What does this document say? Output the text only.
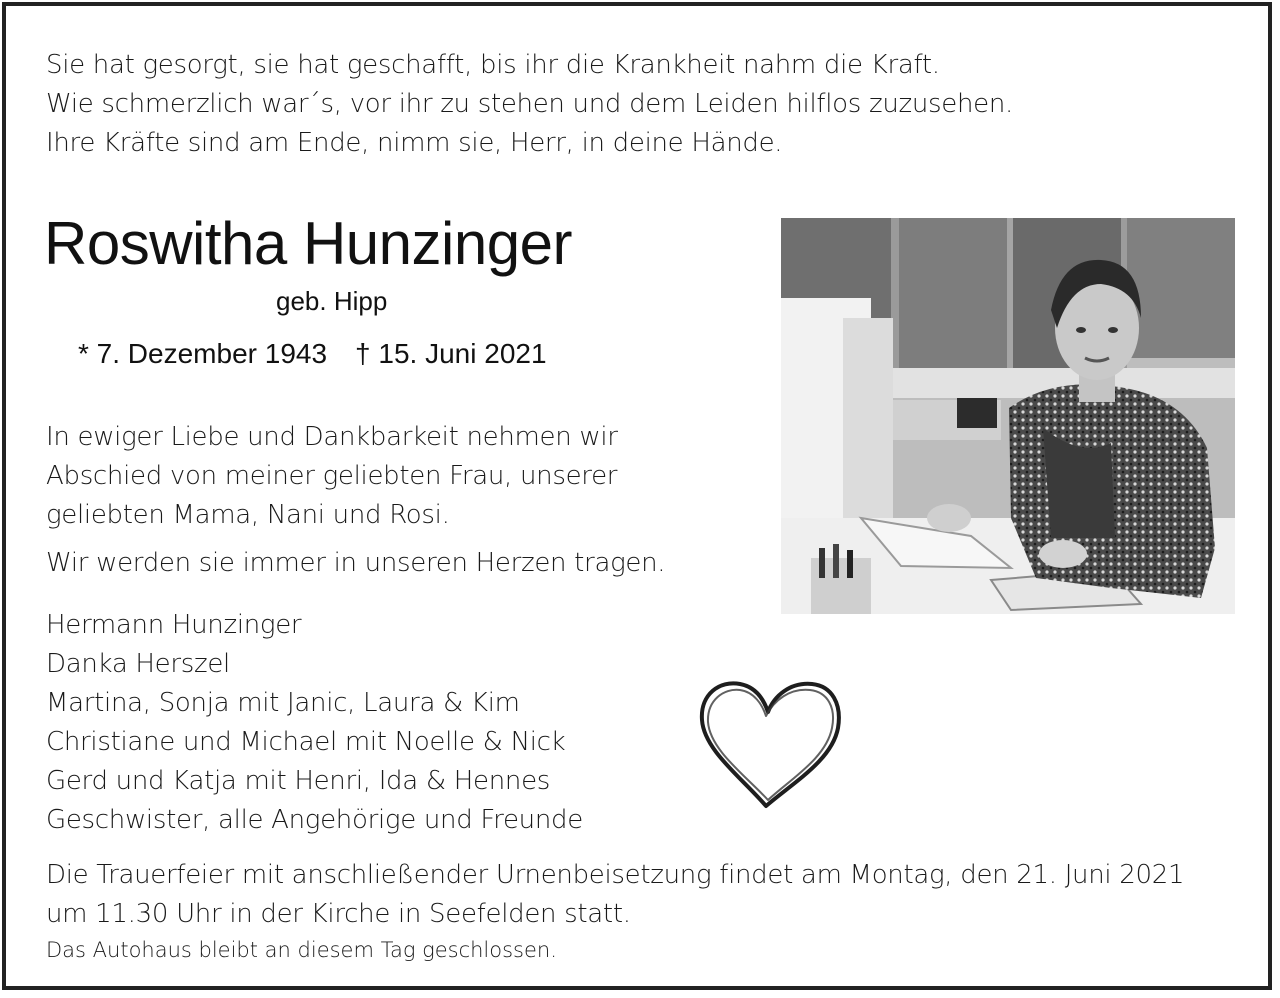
Sie hat gesorgt, sie hat geschafft, bis ihr die Krankheit nahm die Kraft.
Wie schmerzlich war´s, vor ihr zu stehen und dem Leiden hilflos zuzusehen.
Ihre Kräfte sind am Ende, nimm sie, Herr, in deine Hände.
Roswitha Hunzinger
geb. Hipp
* 7. Dezember 1943 † 15. Juni 2021
In ewiger Liebe und Dankbarkeit nehmen wir
Abschied von meiner geliebten Frau, unserer
geliebten Mama, Nani und Rosi.
Wir werden sie immer in unseren Herzen tragen.
Hermann Hunzinger
Danka Herszel
Martina, Sonja mit Janic, Laura & Kim
Christiane und Michael mit Noelle & Nick
Gerd und Katja mit Henri, Ida & Hennes
Geschwister, alle Angehörige und Freunde
Die Trauerfeier mit anschließender Urnenbeisetzung findet am Montag, den 21. Juni 2021
um 11.30 Uhr in der Kirche in Seefelden statt.
Das Autohaus bleibt an diesem Tag geschlossen.
